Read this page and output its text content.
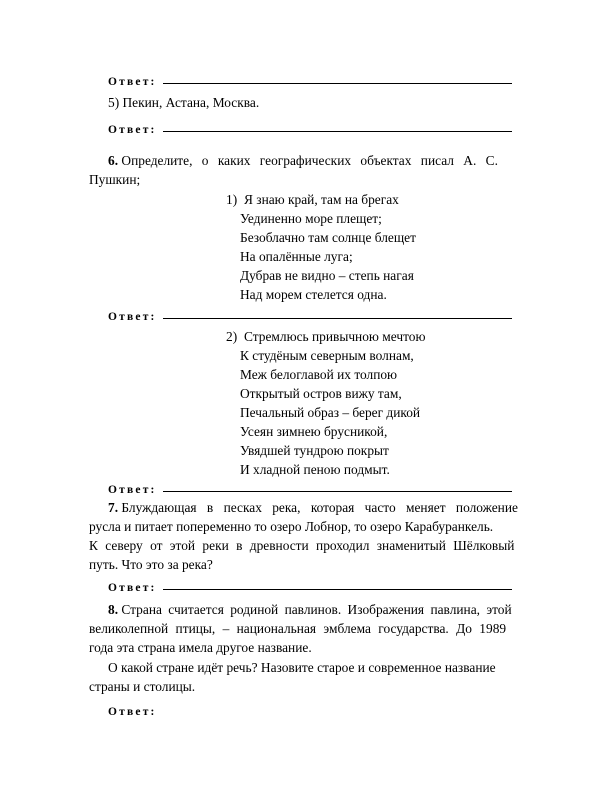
Ответ:
5) Пекин, Астана, Москва.
Ответ:
6. Определите, о каких географических объектах писал А. С.
Пушкин;
1) Я знаю край, там на брегах
Уединенно море плещет;
Безоблачно там солнце блещет
На опалённые луга;
Дубрав не видно – степь нагая
Над морем стелется одна.
Ответ:
2) Стремлюсь привычною мечтою
К студёным северным волнам,
Меж белоглавой их толпою
Открытый остров вижу там,
Печальный образ – берег дикой
Усеян зимнею брусникой,
Увядшей тундрою покрыт
И хладной пеною подмыт.
Ответ:
7. Блуждающая в песках река, которая часто меняет положение
русла и питает попеременно то озеро Лобнор, то озеро Карабуранкель.
К северу от этой реки в древности проходил знаменитый Шёлковый
путь. Что это за река?
Ответ:
8. Страна считается родиной павлинов. Изображения павлина, этой
великолепной птицы, – национальная эмблема государства. До 1989
года эта страна имела другое название.
О какой стране идёт речь? Назовите старое и современное название
страны и столицы.
Ответ:
